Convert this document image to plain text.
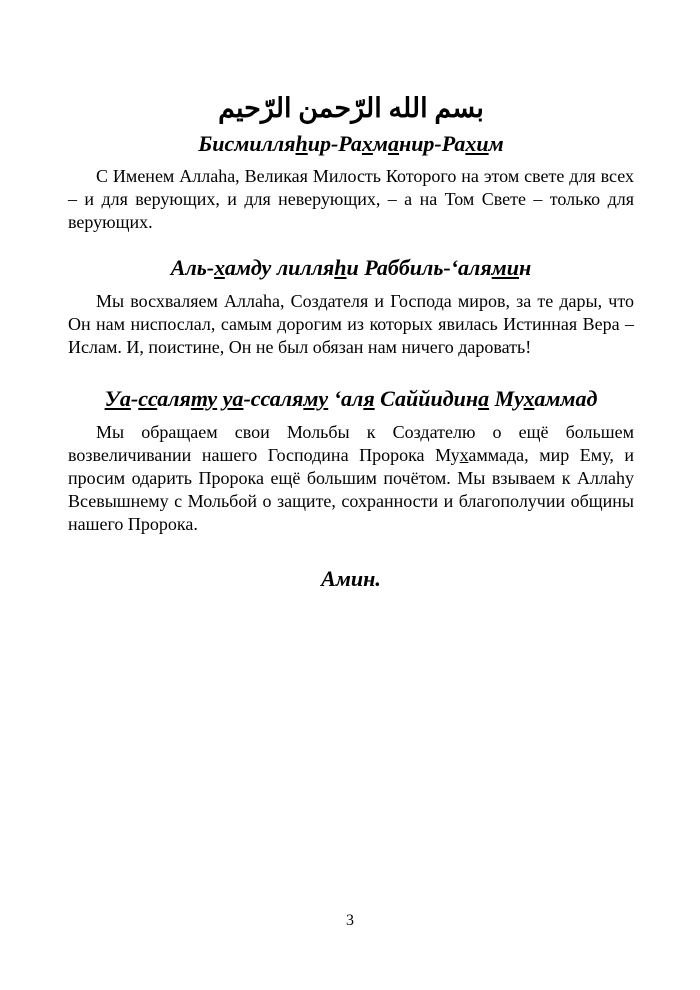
بسم الله الرّحمن الرّحيم

Бисмилляhир-Рахманир-Рахим

С Именем Аллаhа, Великая Милость Которого на этом свете для всех – и для верующих, и для неверующих, – а на Том Свете – только для верующих.

Аль-хамду лилляhи Раббиль-‘алямин

Мы восхваляем Аллаhа, Создателя и Господа миров, за те дары, что Он нам ниспослал, самым дорогим из которых явилась Истинная Вера – Ислам. И, поистине, Он не был обязан нам ничего даровать!

Уа-ссаляту уа-ссаляму ‘аля Саййидина Мухаммад

Мы обращаем свои Мольбы к Создателю о ещё большем возвеличивании нашего Господина Пророка Мухаммада, мир Ему, и просим одарить Пророка ещё большим почётом. Мы взываем к Аллаhу Всевышнему с Мольбой о защите, сохранности и благополучии общины нашего Пророка.

Амин.

3
